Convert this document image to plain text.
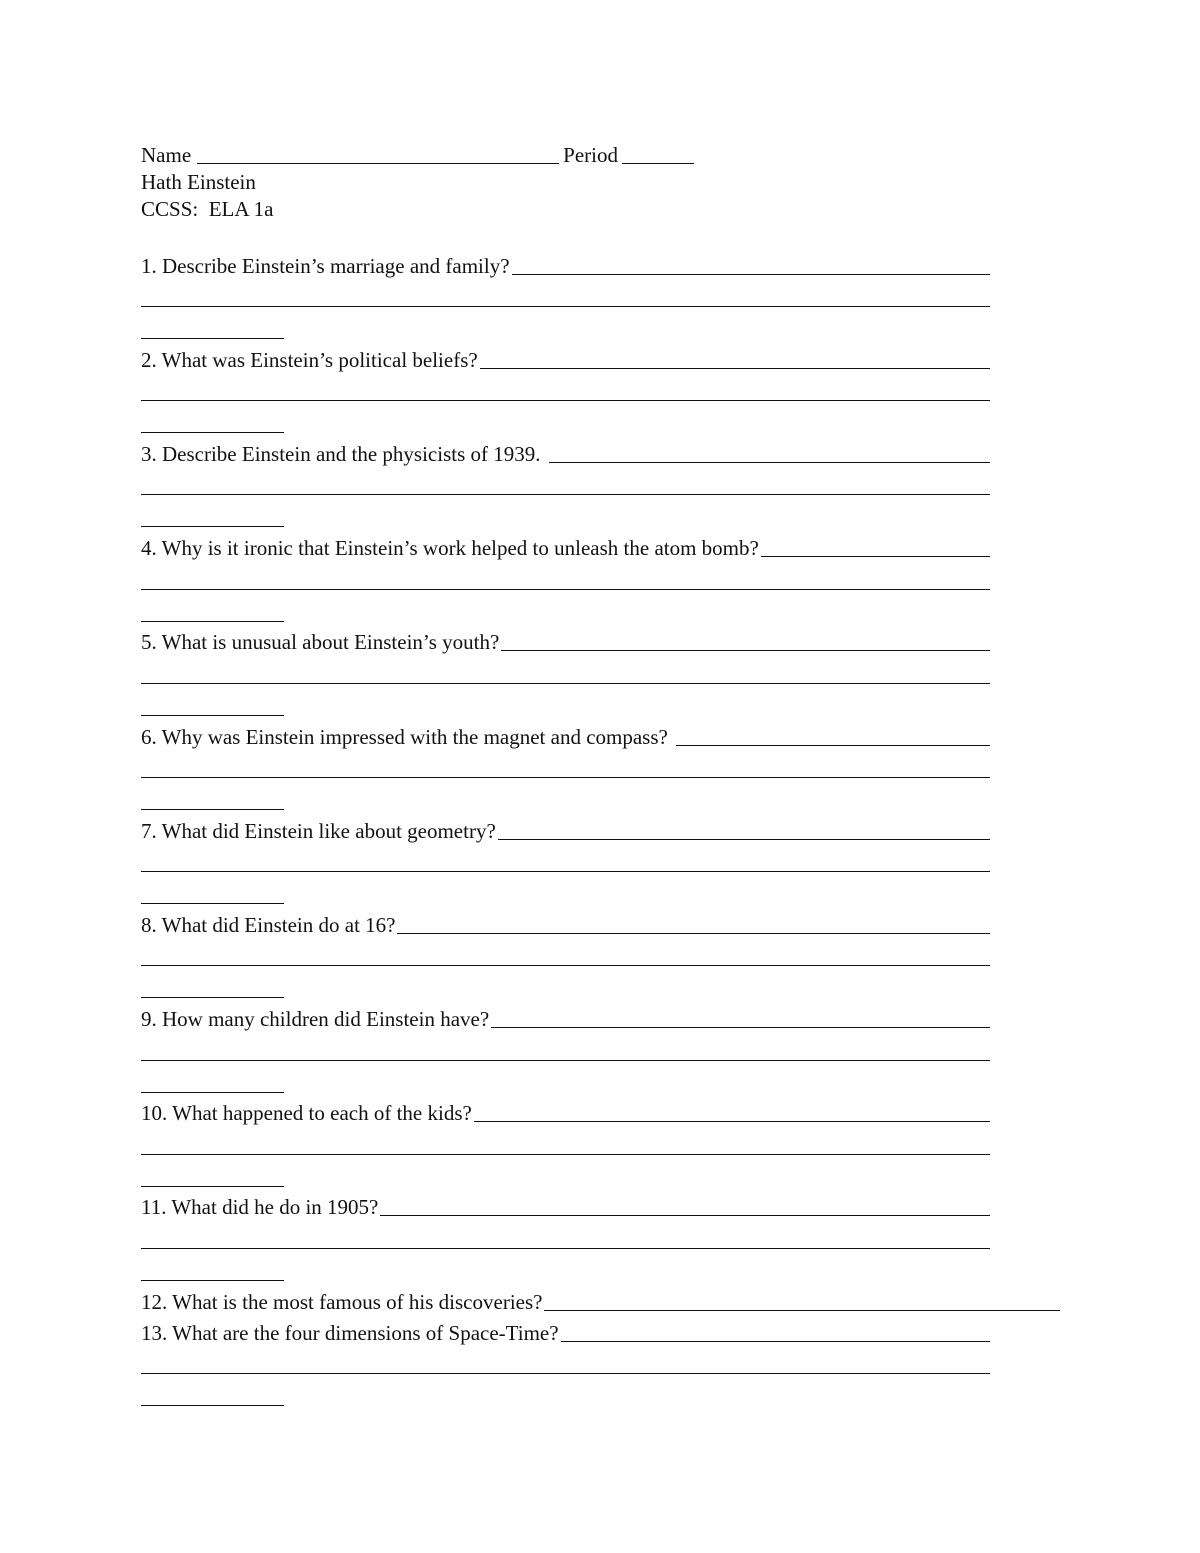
Name	Period
Hath Einstein
CCSS:  ELA 1a
1. Describe Einstein’s marriage and family?
2. What was Einstein’s political beliefs?
3. Describe Einstein and the physicists of 1939.
4. Why is it ironic that Einstein’s work helped to unleash the atom bomb?
5. What is unusual about Einstein’s youth?
6. Why was Einstein impressed with the magnet and compass?
7. What did Einstein like about geometry?
8. What did Einstein do at 16?
9. How many children did Einstein have?
10. What happened to each of the kids?
11. What did he do in 1905?
12. What is the most famous of his discoveries?
13. What are the four dimensions of Space-Time?
